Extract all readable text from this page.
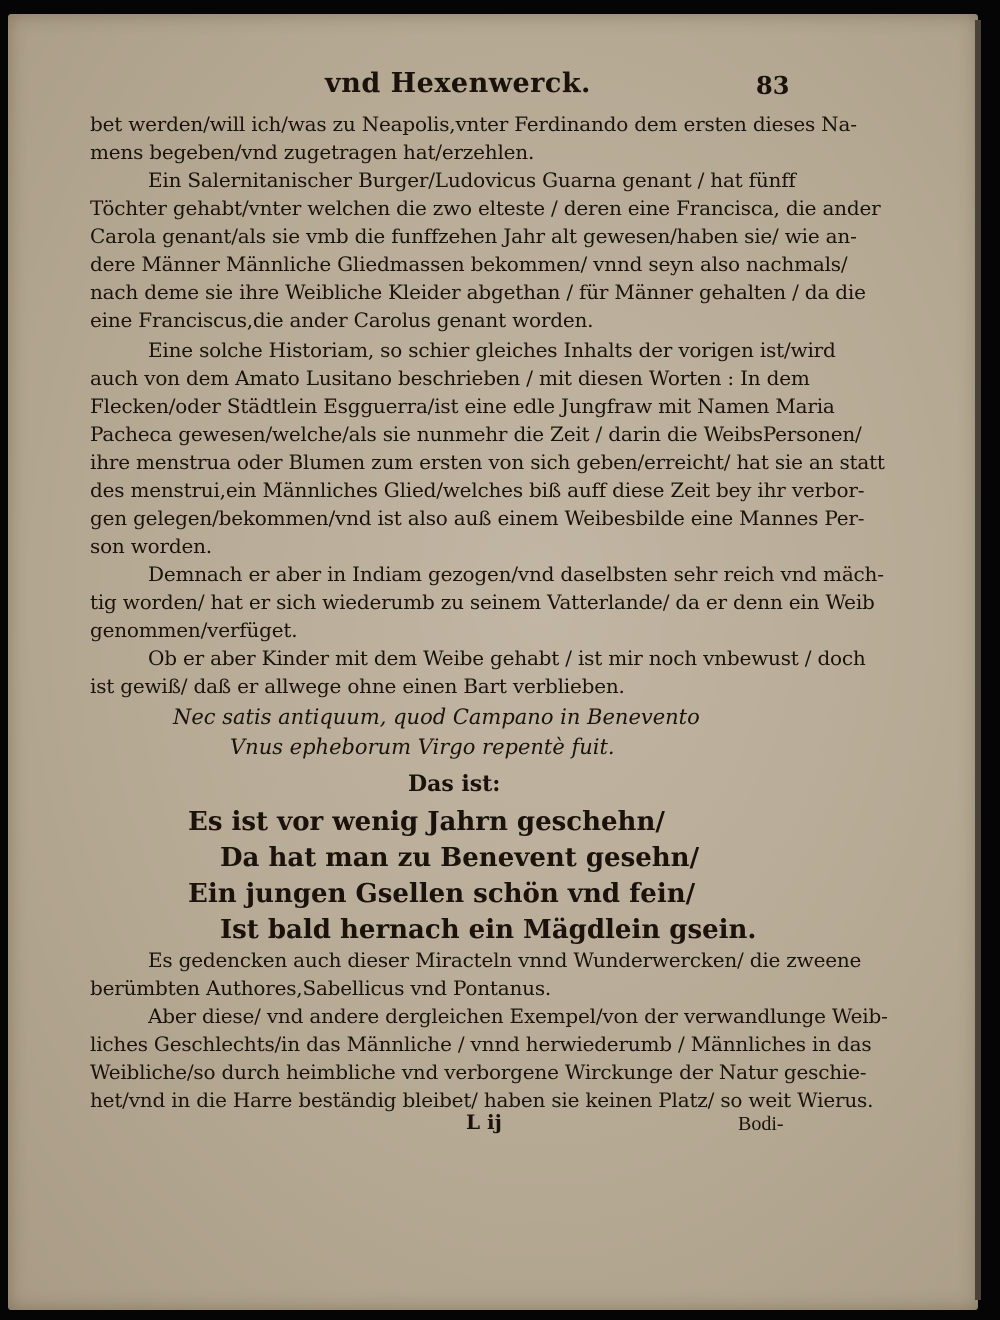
vnd Hexenwerck.	83
bet werden/will ich/was zu Neapolis,vnter Ferdinando dem ersten dieses Na-
mens begeben/vnd zugetragen hat/erzehlen.
Ein Salernitanischer Burger/Ludovicus Guarna genant / hat fünff
Töchter gehabt/vnter welchen die zwo elteste / deren eine Francisca, die ander
Carola genant/als sie vmb die funffzehen Jahr alt gewesen/haben sie/ wie an-
dere Männer Männliche Gliedmassen bekommen/ vnnd seyn also nachmals/
nach deme sie ihre Weibliche Kleider abgethan / für Männer gehalten / da die
eine Franciscus,die ander Carolus genant worden.
Eine solche Historiam, so schier gleiches Inhalts der vorigen ist/wird
auch von dem Amato Lusitano beschrieben / mit diesen Worten : In dem
Flecken/oder Städtlein Esgguerra/ist eine edle Jungfraw mit Namen Maria
Pacheca gewesen/welche/als sie nunmehr die Zeit / darin die WeibsPersonen/
ihre menstrua oder Blumen zum ersten von sich geben/erreicht/ hat sie an statt
des menstrui,ein Männliches Glied/welches biß auff diese Zeit bey ihr verbor-
gen gelegen/bekommen/vnd ist also auß einem Weibesbilde eine Mannes Per-
son worden.
Demnach er aber in Indiam gezogen/vnd daselbsten sehr reich vnd mäch-
tig worden/ hat er sich wiederumb zu seinem Vatterlande/ da er denn ein Weib
genommen/verfüget.
Ob er aber Kinder mit dem Weibe gehabt / ist mir noch vnbewust / doch
ist gewiß/ daß er allwege ohne einen Bart verblieben.
Nec satis antiquum, quod Campano in Benevento
Vnus epheborum Virgo repentè fuit.
Das ist:
Es ist vor wenig Jahrn geschehn/
Da hat man zu Benevent gesehn/
Ein jungen Gsellen schön vnd fein/
Ist bald hernach ein Mägdlein gsein.
Es gedencken auch dieser Miracteln vnnd Wunderwercken/ die zweene
berümbten Authores,Sabellicus vnd Pontanus.
Aber diese/ vnd andere dergleichen Exempel/von der verwandlunge Weib-
liches Geschlechts/in das Männliche / vnnd herwiederumb / Männliches in das
Weibliche/so durch heimbliche vnd verborgene Wirckunge der Natur geschie-
het/vnd in die Harre beständig bleibet/ haben sie keinen Platz/ so weit Wierus.
L ij	Bodi-
